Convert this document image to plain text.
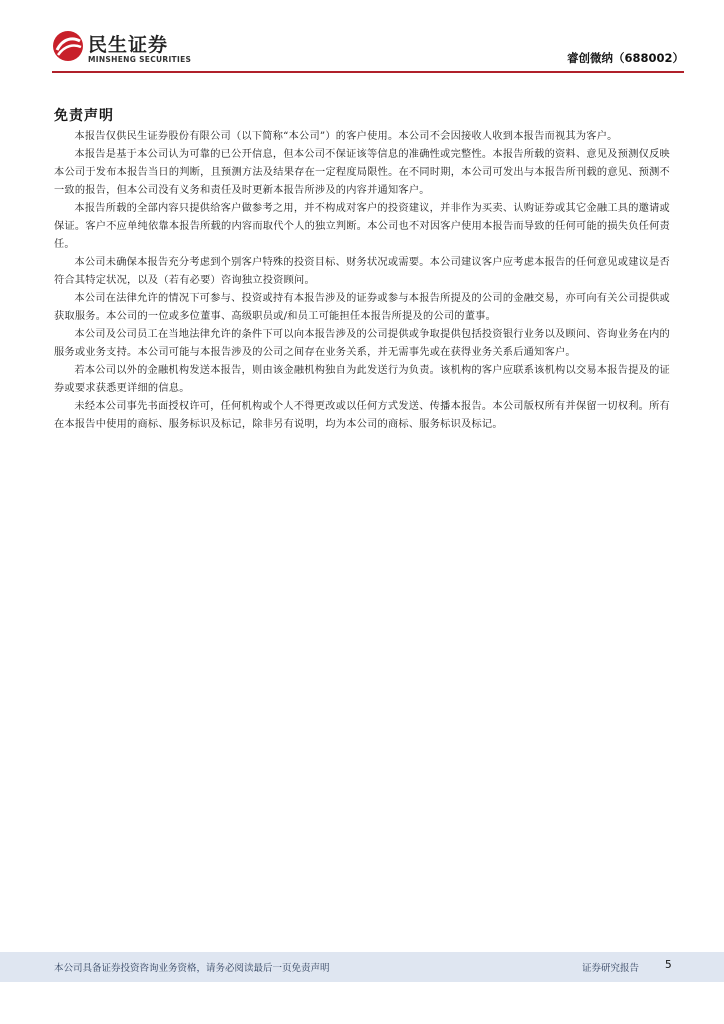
民生证券
MINSHENG SECURITIES	睿创微纳（688002）
免责声明

本报告仅供民生证券股份有限公司（以下简称“本公司”）的客户使用。本公司不会因接收人收到本报告而视其为客户。

本报告是基于本公司认为可靠的已公开信息，但本公司不保证该等信息的准确性或完整性。本报告所载的资料、意见及预测仅反映本公司于发布本报告当日的判断，且预测方法及结果存在一定程度局限性。在不同时期，本公司可发出与本报告所刊载的意见、预测不一致的报告，但本公司没有义务和责任及时更新本报告所涉及的内容并通知客户。

本报告所载的全部内容只提供给客户做参考之用，并不构成对客户的投资建议，并非作为买卖、认购证券或其它金融工具的邀请或保证。客户不应单纯依靠本报告所载的内容而取代个人的独立判断。本公司也不对因客户使用本报告而导致的任何可能的损失负任何责任。

本公司未确保本报告充分考虑到个别客户特殊的投资目标、财务状况或需要。本公司建议客户应考虑本报告的任何意见或建议是否符合其特定状况，以及（若有必要）咨询独立投资顾问。

本公司在法律允许的情况下可参与、投资或持有本报告涉及的证券或参与本报告所提及的公司的金融交易，亦可向有关公司提供或获取服务。本公司的一位或多位董事、高级职员或/和员工可能担任本报告所提及的公司的董事。

本公司及公司员工在当地法律允许的条件下可以向本报告涉及的公司提供或争取提供包括投资银行业务以及顾问、咨询业务在内的服务或业务支持。本公司可能与本报告涉及的公司之间存在业务关系，并无需事先或在获得业务关系后通知客户。

若本公司以外的金融机构发送本报告，则由该金融机构独自为此发送行为负责。该机构的客户应联系该机构以交易本报告提及的证券或要求获悉更详细的信息。

未经本公司事先书面授权许可，任何机构或个人不得更改或以任何方式发送、传播本报告。本公司版权所有并保留一切权利。所有在本报告中使用的商标、服务标识及标记，除非另有说明，均为本公司的商标、服务标识及标记。

本公司具备证券投资咨询业务资格，请务必阅读最后一页免责声明	证券研究报告 5
